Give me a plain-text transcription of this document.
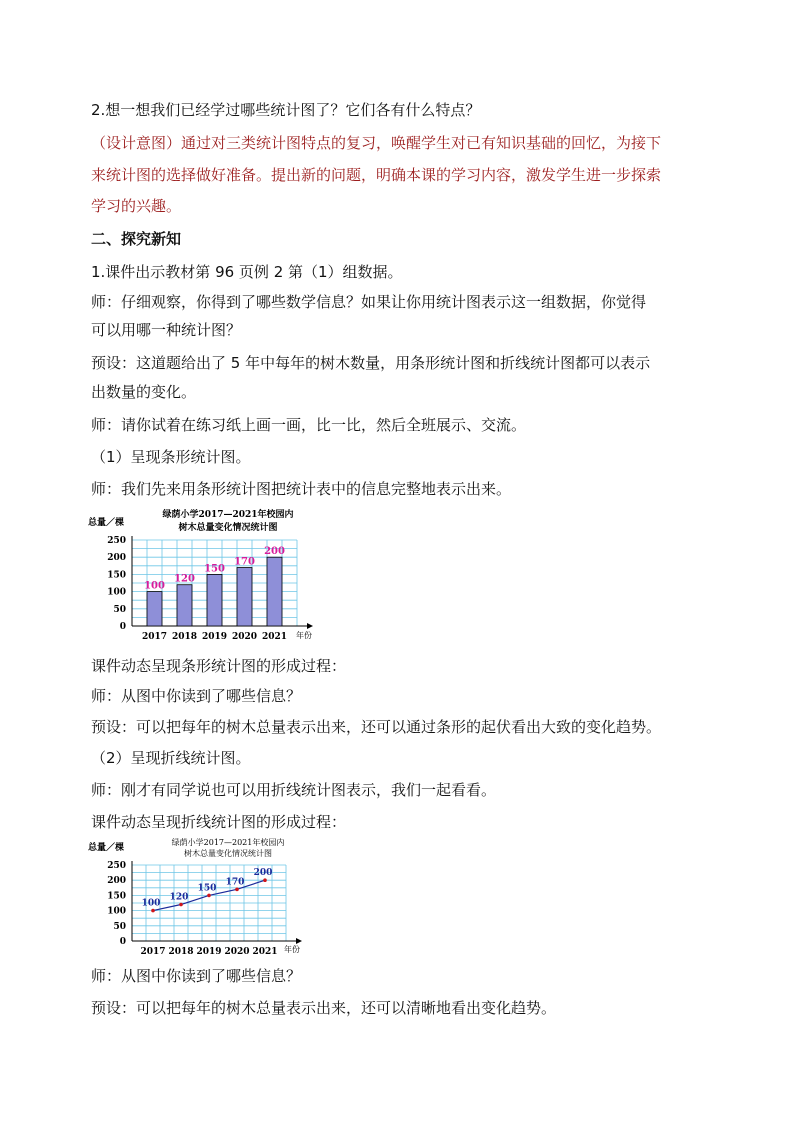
2.想一想我们已经学过哪些统计图了？它们各有什么特点？
（设计意图）通过对三类统计图特点的复习，唤醒学生对已有知识基础的回忆，为接下
来统计图的选择做好准备。提出新的问题，明确本课的学习内容，激发学生进一步探索
学习的兴趣。
二、探究新知
1.课件出示教材第 96 页例 2 第（1）组数据。
师：仔细观察，你得到了哪些数学信息？如果让你用统计图表示这一组数据，你觉得
可以用哪一种统计图？
预设：这道题给出了 5 年中每年的树木数量，用条形统计图和折线统计图都可以表示
出数量的变化。
师：请你试着在练习纸上画一画，比一比，然后全班展示、交流。
（1）呈现条形统计图。
师：我们先来用条形统计图把统计表中的信息完整地表示出来。
总量／棵
绿荫小学2017—2021年校园内
树木总量变化情况统计图
0
50
100
150
200
250
2017 2018 2019 2020 2021
100
120
150
170
200
年份
课件动态呈现条形统计图的形成过程：
师：从图中你读到了哪些信息？
预设：可以把每年的树木总量表示出来，还可以通过条形的起伏看出大致的变化趋势。
（2）呈现折线统计图。
师：刚才有同学说也可以用折线统计图表示，我们一起看看。
课件动态呈现折线统计图的形成过程：
总量／棵
绿荫小学2017—2021年校园内
树木总量变化情况统计图
0
50
100
150
200
250
2017 2018 2019 2020 2021
100
120
150
170
200
年份
师：从图中你读到了哪些信息？
预设：可以把每年的树木总量表示出来，还可以清晰地看出变化趋势。
